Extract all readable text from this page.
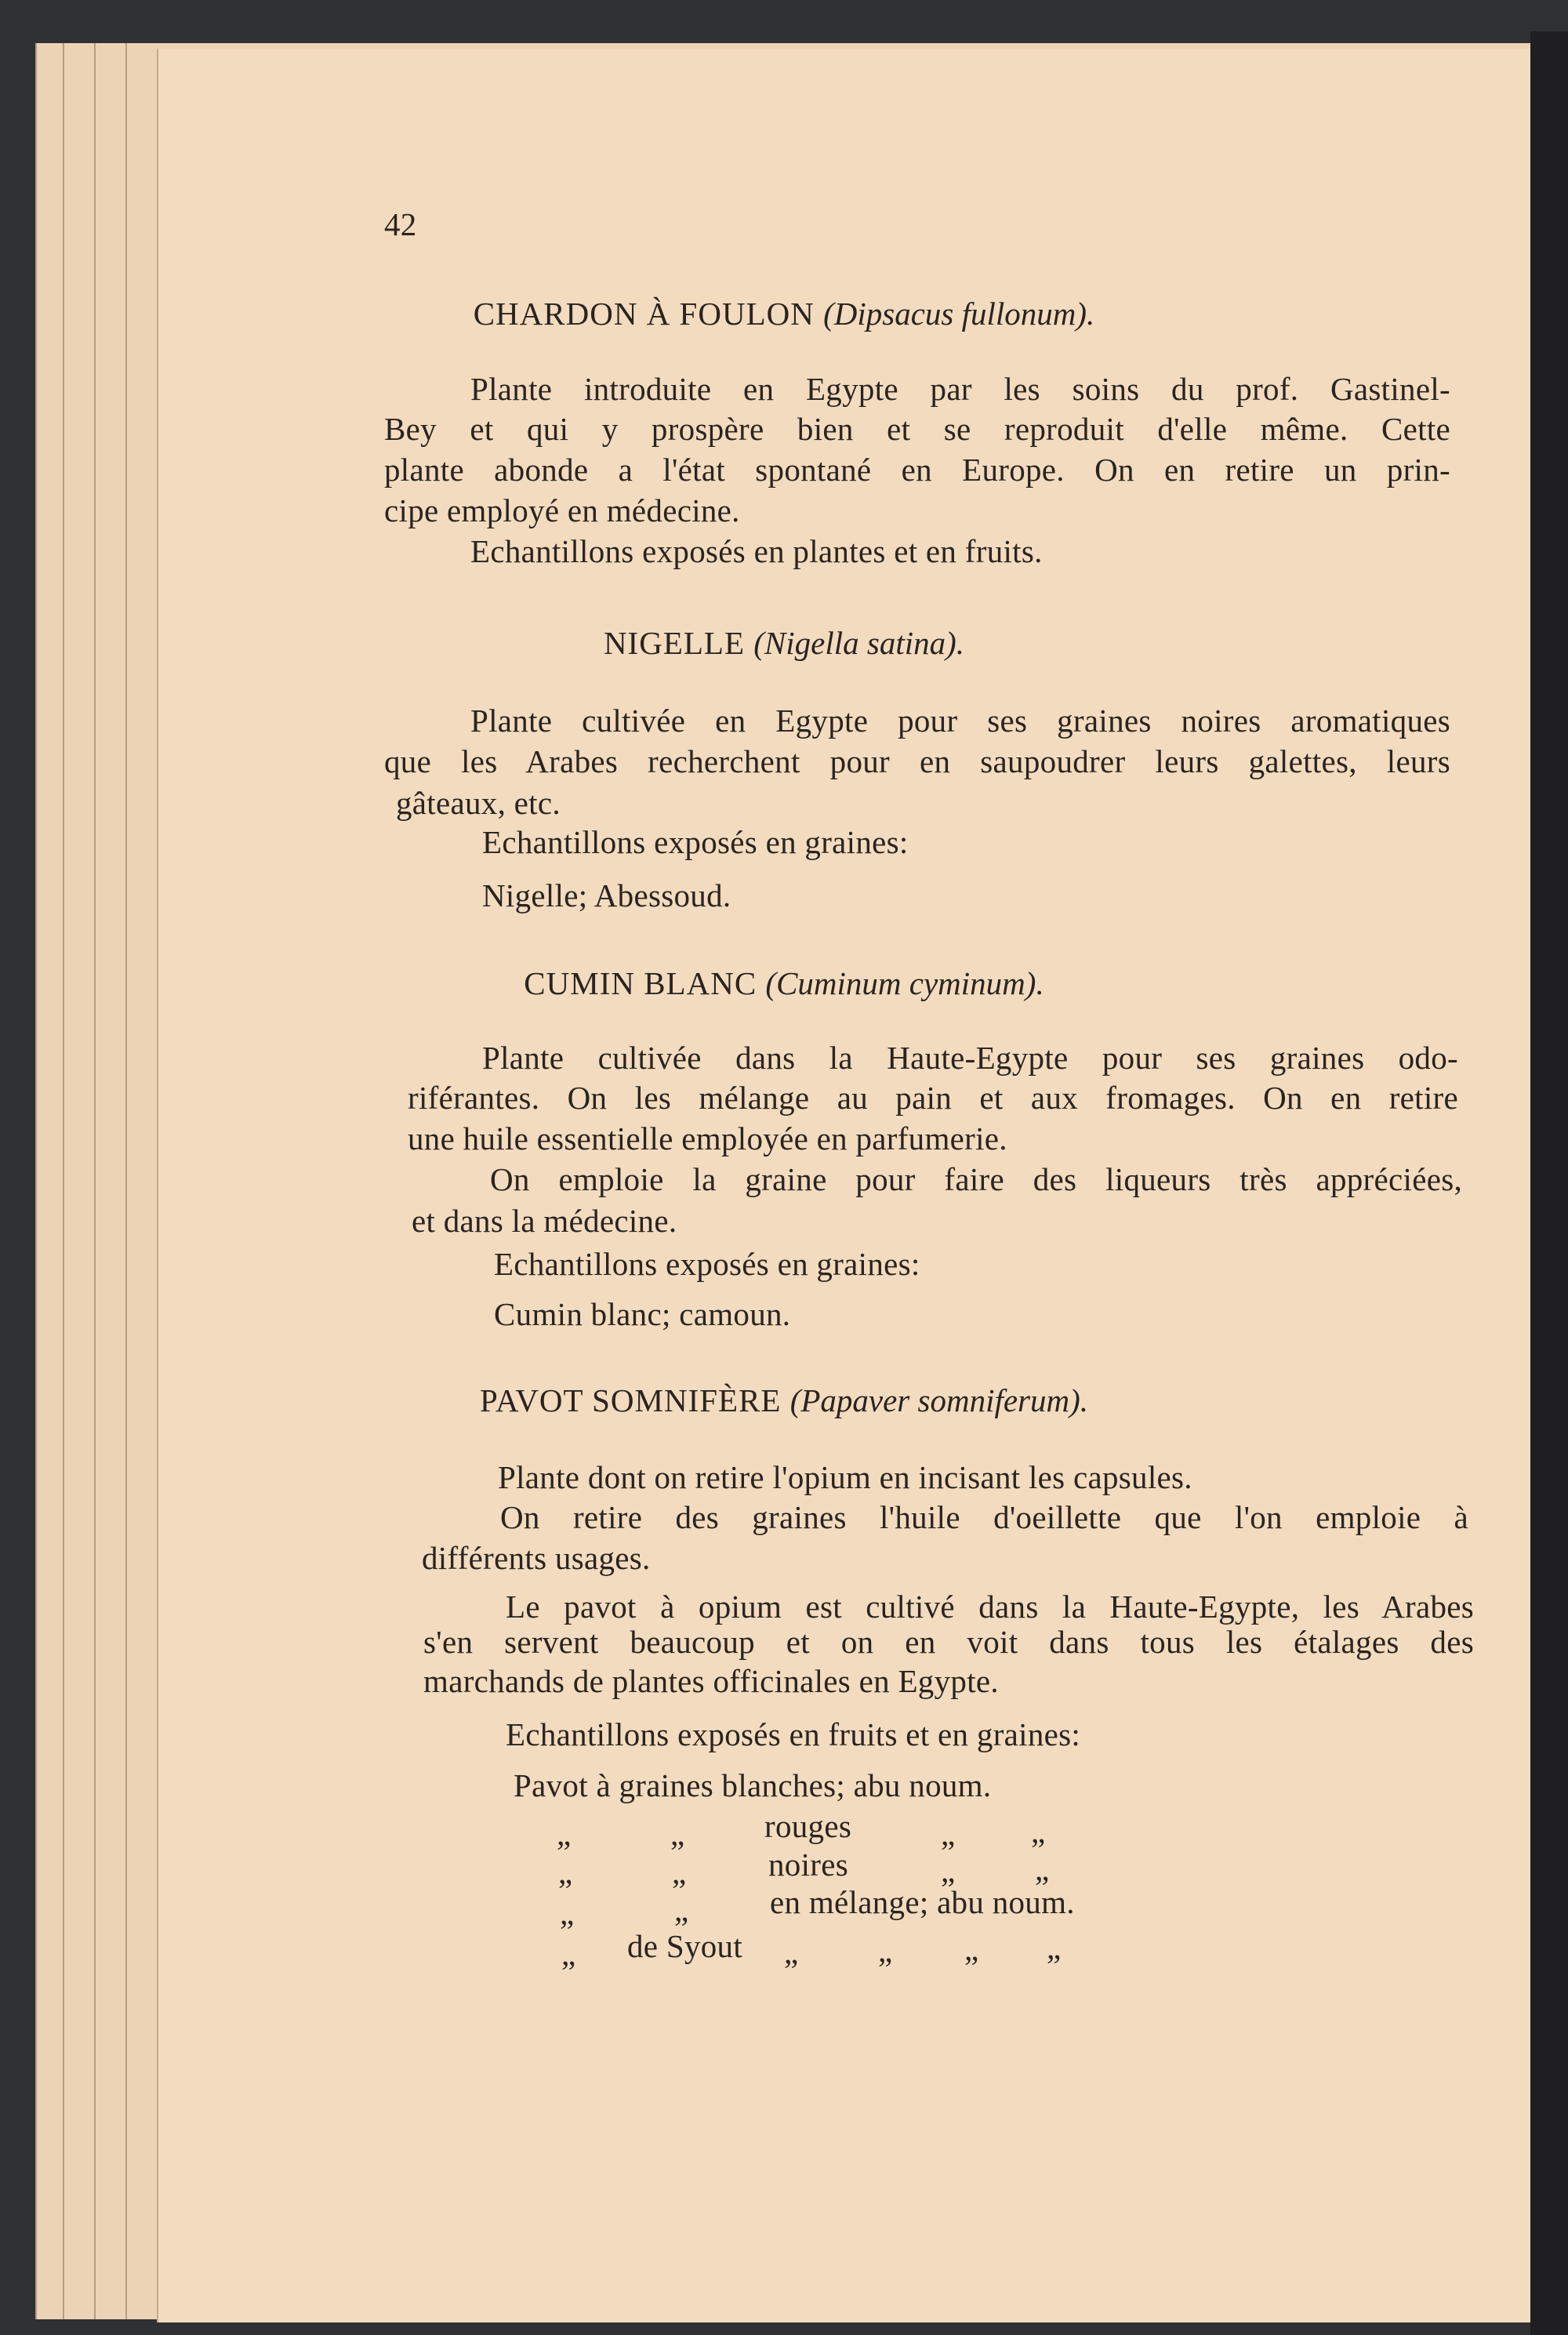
42
CHARDON À FOULON (Dipsacus fullonum).
Plante introduite en Egypte par les soins du prof. Gastinel-
Bey et qui y prospère bien et se reproduit d'elle même. Cette
plante abonde a l'état spontané en Europe. On en retire un prin-
cipe employé en médecine.
Echantillons exposés en plantes et en fruits.
NIGELLE (Nigella satina).
Plante cultivée en Egypte pour ses graines noires aromatiques
que les Arabes recherchent pour en saupoudrer leurs galettes, leurs
gâteaux, etc.
Echantillons exposés en graines:
Nigelle; Abessoud.
CUMIN BLANC (Cuminum cyminum).
Plante cultivée dans la Haute-Egypte pour ses graines odo-
riférantes. On les mélange au pain et aux fromages. On en retire
une huile essentielle employée en parfumerie.
On emploie la graine pour faire des liqueurs très appréciées,
et dans la médecine.
Echantillons exposés en graines:
Cumin blanc; camoun.
PAVOT SOMNIFÈRE (Papaver somniferum).
Plante dont on retire l'opium en incisant les capsules.
On retire des graines l'huile d'oeillette que l'on emploie à
différents usages.
Le pavot à opium est cultivé dans la Haute-Egypte, les Arabes
s'en servent beaucoup et on en voit dans tous les étalages des
marchands de plantes officinales en Egypte.
Echantillons exposés en fruits et en graines:
Pavot à graines blanches; abu noum.
„	„ rouges	„ „
„	„	noires	„ „
„	„	en mélange; abu noum.
„ de Syout „ „ „ „
